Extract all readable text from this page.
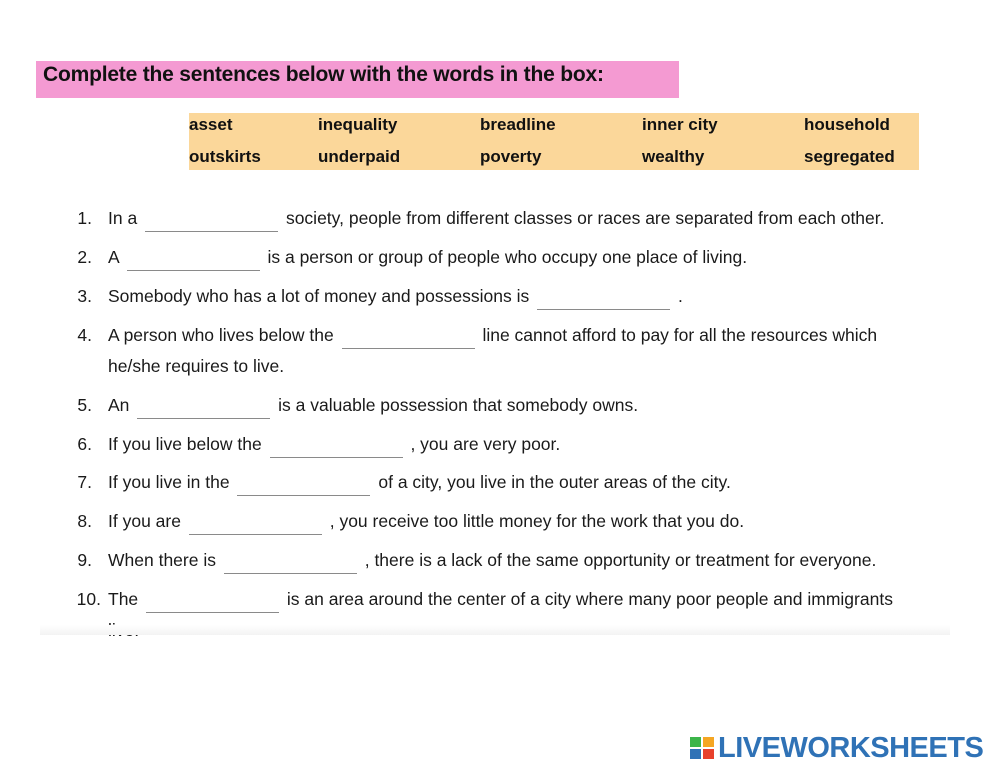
Complete the sentences below with the words in the box:
asset	inequality	breadline	inner city	household
outskirts	underpaid	poverty	wealthy	segregated
1. In a	society, people from different classes or races are separated from each other.
2. A	is a person or group of people who occupy one place of living.
3. Somebody who has a lot of money and possessions is	.
4. A person who lives below the	line cannot afford to pay for all the resources which
he/she requires to live.
5. An	is a valuable possession that somebody owns.
6. If you live below the	, you are very poor.
7. If you live in the	of a city, you live in the outer areas of the city.
8. If you are	, you receive too little money for the work that you do.
9. When there is	, there is a lack of the same opportunity or treatment for everyone.
10. The	is an area around the center of a city where many poor people and immigrants
LIVEWORKSHEETS
